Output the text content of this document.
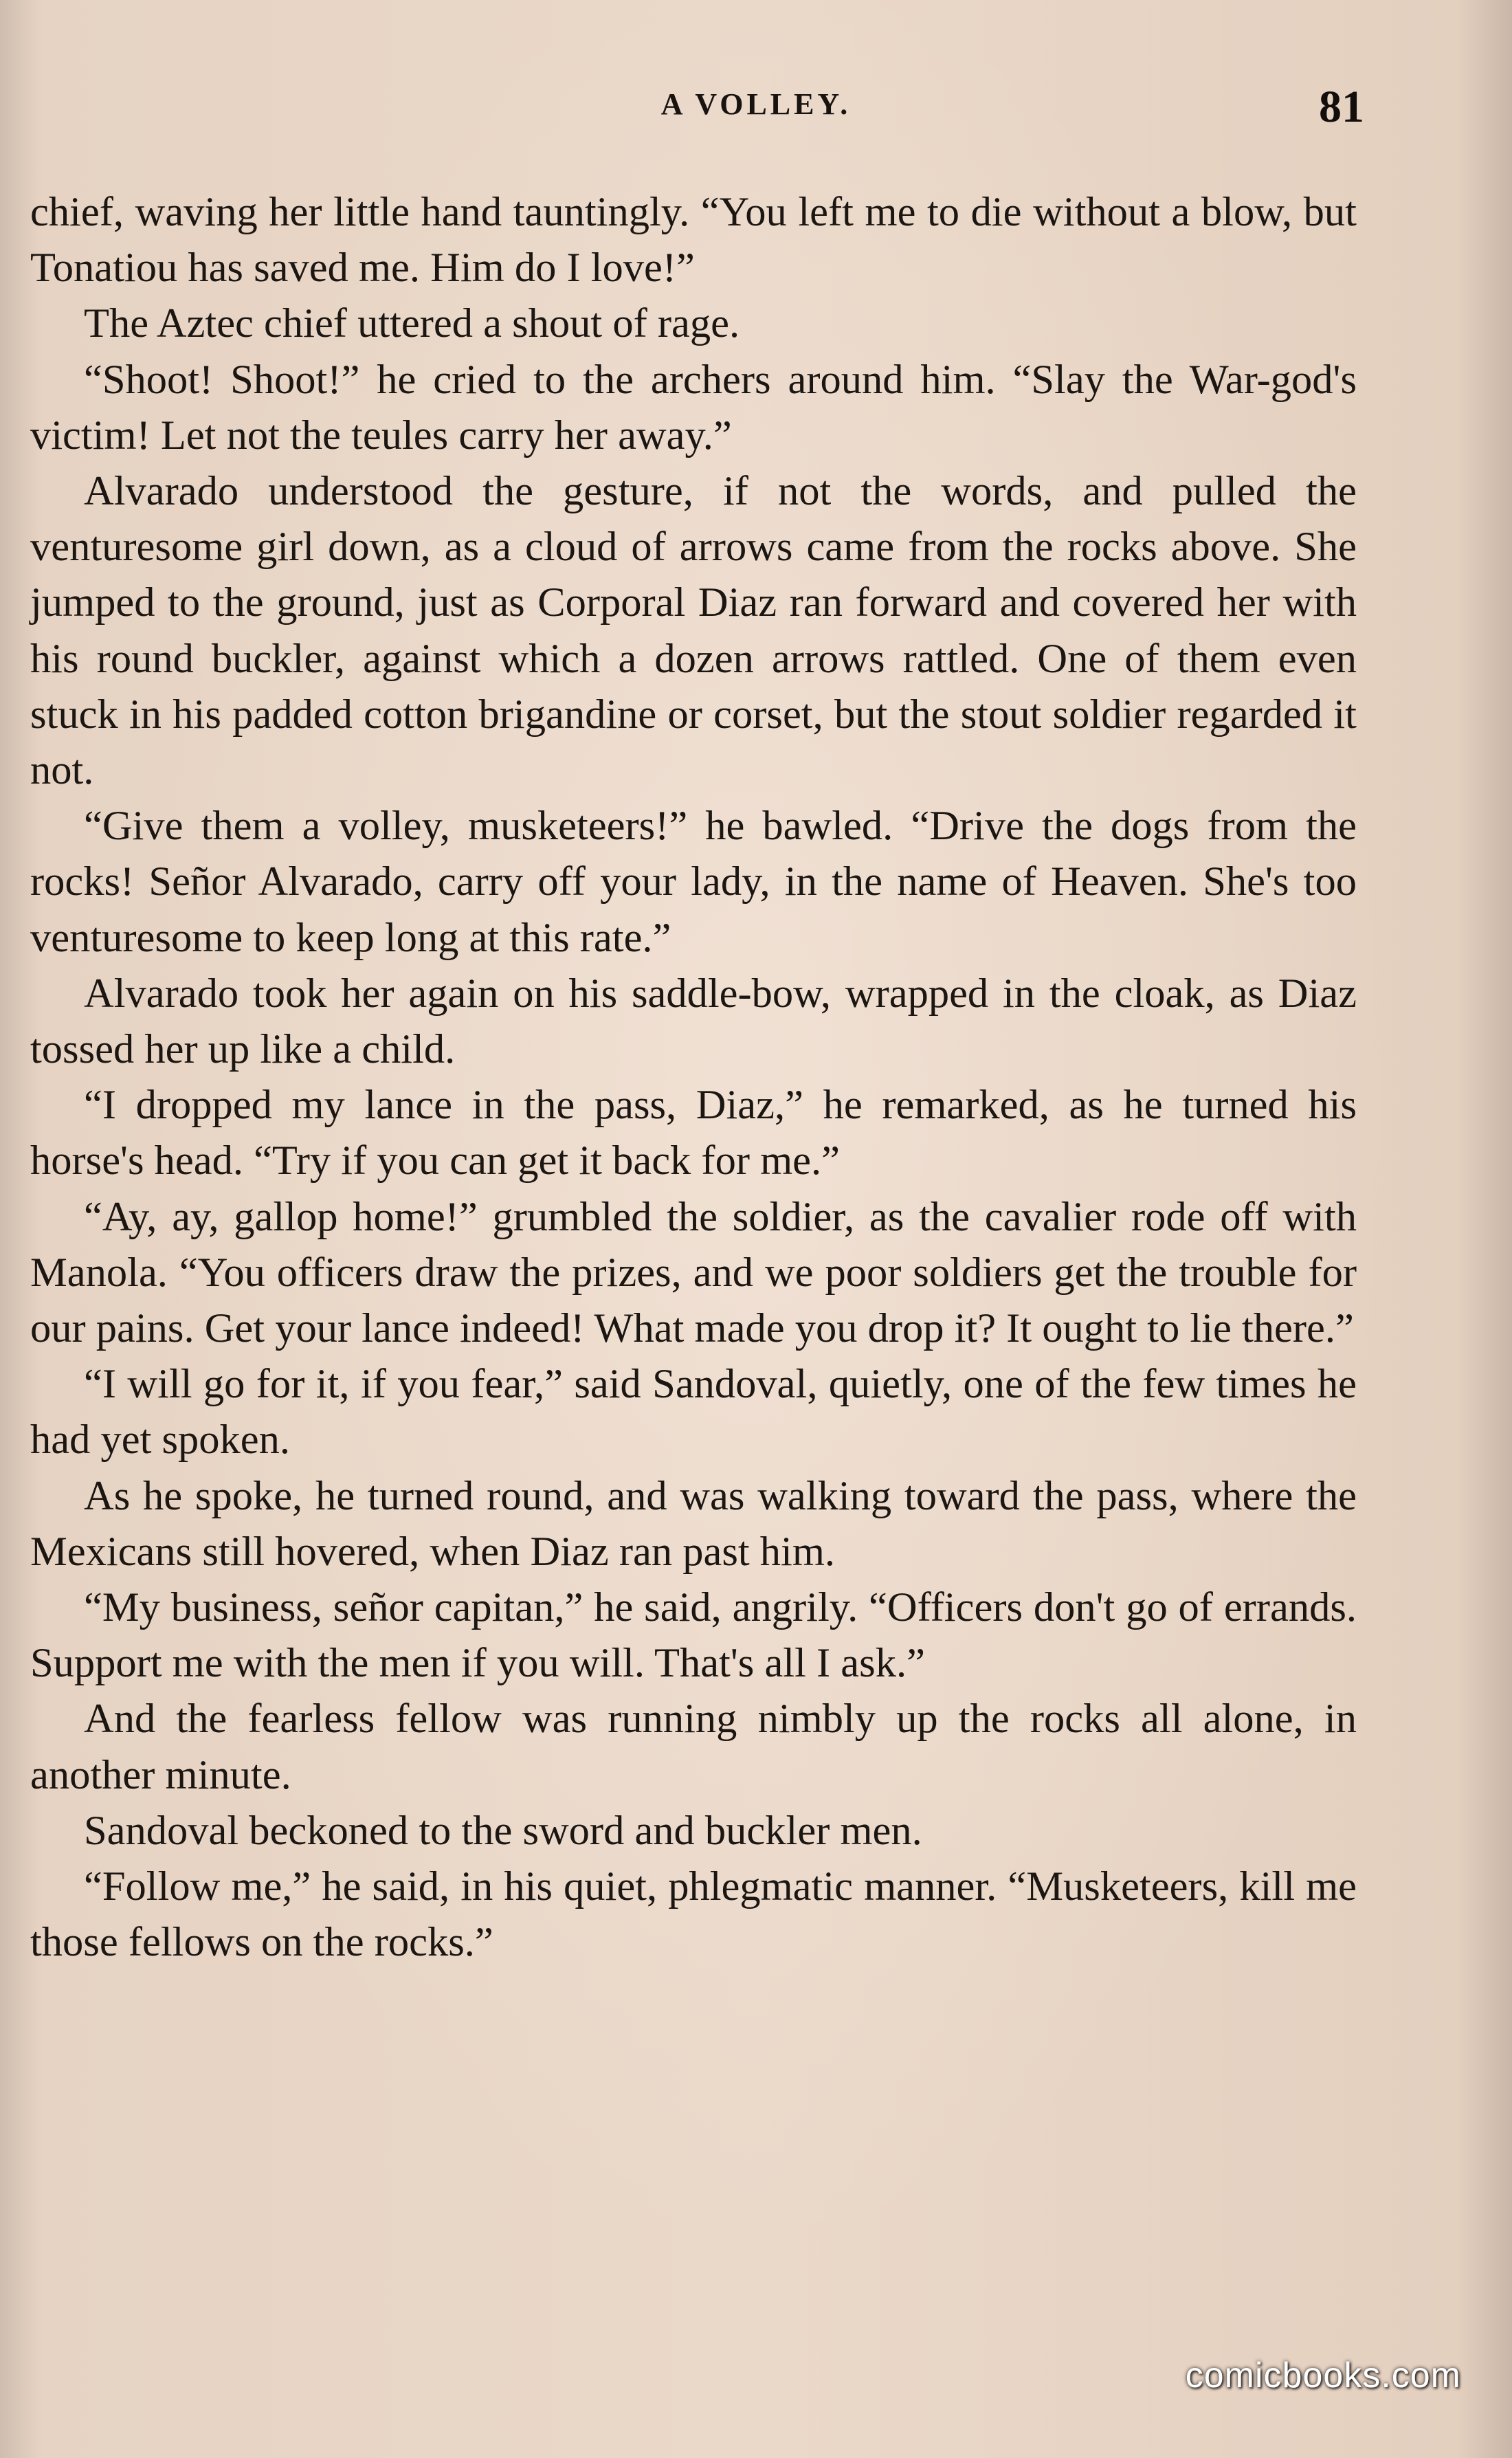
A VOLLEY.	81

chief, waving her little hand tauntingly. “You left me to die without a blow, but Tonatiou has saved me. Him do I love!”

The Aztec chief uttered a shout of rage.

“Shoot! Shoot!” he cried to the archers around him. “Slay the War-god's victim! Let not the teules carry her away.”

Alvarado understood the gesture, if not the words, and pulled the venturesome girl down, as a cloud of arrows came from the rocks above. She jumped to the ground, just as Corporal Diaz ran forward and covered her with his round buckler, against which a dozen arrows rattled. One of them even stuck in his padded cotton brigandine or corset, but the stout soldier regarded it not.

“Give them a volley, musketeers!” he bawled. “Drive the dogs from the rocks! Señor Alvarado, carry off your lady, in the name of Heaven. She's too venturesome to keep long at this rate.”

Alvarado took her again on his saddle-bow, wrapped in the cloak, as Diaz tossed her up like a child.

“I dropped my lance in the pass, Diaz,” he remarked, as he turned his horse's head. “Try if you can get it back for me.”

“Ay, ay, gallop home!” grumbled the soldier, as the cavalier rode off with Manola. “You officers draw the prizes, and we poor soldiers get the trouble for our pains. Get your lance indeed! What made you drop it? It ought to lie there.”

“I will go for it, if you fear,” said Sandoval, quietly, one of the few times he had yet spoken.

As he spoke, he turned round, and was walking toward the pass, where the Mexicans still hovered, when Diaz ran past him.

“My business, señor capitan,” he said, angrily. “Officers don't go of errands. Support me with the men if you will. That's all I ask.”

And the fearless fellow was running nimbly up the rocks all alone, in another minute.

Sandoval beckoned to the sword and buckler men.

“Follow me,” he said, in his quiet, phlegmatic manner. “Musketeers, kill me those fellows on the rocks.”

comicbooks.com
